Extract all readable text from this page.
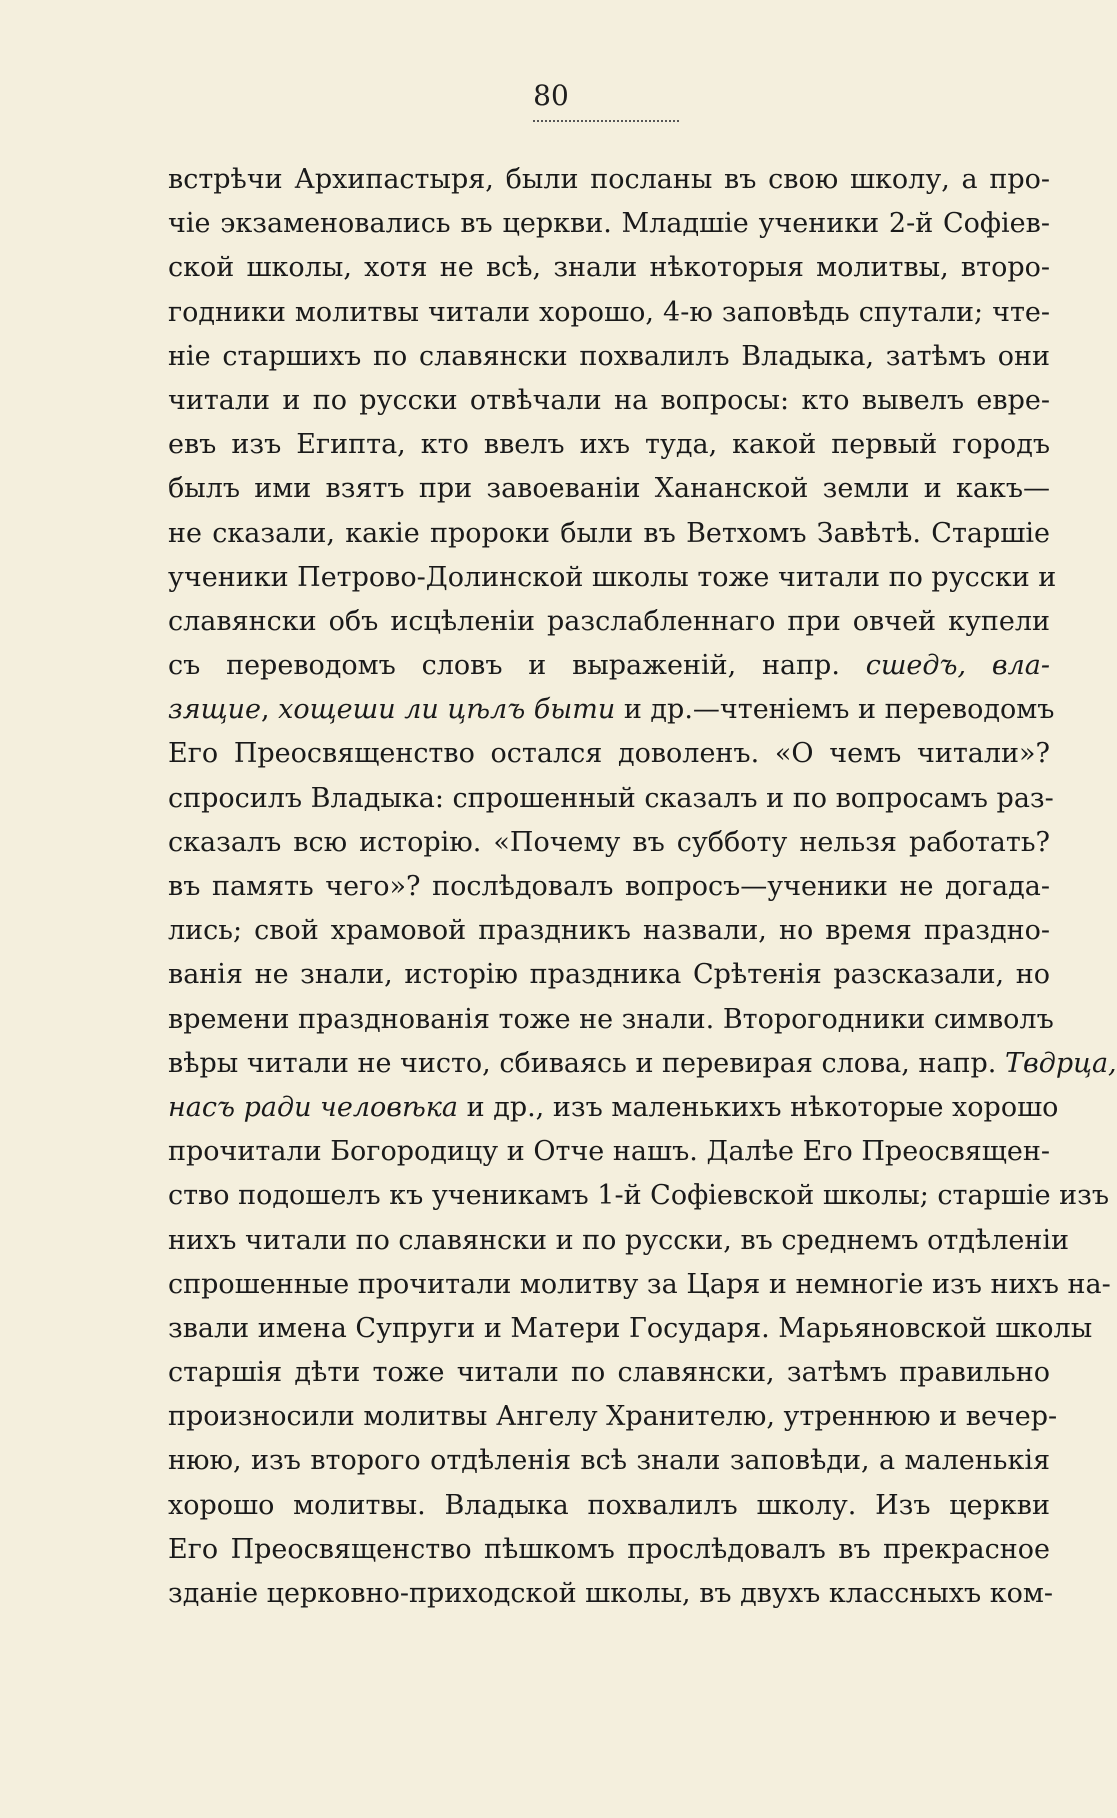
80
встрѣчи Архипастыря, были посланы въ свою школу, а про-
чіе экзаменовались въ церкви. Младшіе ученики 2-й Софіев-
ской школы, хотя не всѣ, знали нѣкоторыя молитвы, второ-
годники молитвы читали хорошо, 4-ю заповѣдь спутали; чте-
ніе старшихъ по славянски похвалилъ Владыка, затѣмъ они
читали и по русски отвѣчали на вопросы: кто вывелъ евре-
евъ изъ Египта, кто ввелъ ихъ туда, какой первый городъ
былъ ими взятъ при завоеваніи Хананской земли и какъ—
не сказали, какіе пророки были въ Ветхомъ Завѣтѣ. Старшіе
ученики Петрово-Долинской школы тоже читали по русски и
славянски объ исцѣленіи разслабленнаго при овчей купели
съ переводомъ словъ и выраженій, напр. сшедъ, вла-
зящие, хощеши ли цѣлъ быти и др.—чтеніемъ и переводомъ
Его Преосвященство остался доволенъ. «О чемъ читали»?
спросилъ Владыка: спрошенный сказалъ и по вопросамъ раз-
сказалъ всю исторію. «Почему въ субботу нельзя работать?
въ память чего»? послѣдовалъ вопросъ—ученики не догада-
лись; свой храмовой праздникъ назвали, но время праздно-
ванія не знали, исторію праздника Срѣтенія разсказали, но
времени празднованія тоже не знали. Второгодники символъ
вѣры читали не чисто, сбиваясь и перевирая слова, напр. Твдрца,
насъ ради человѣка и др., изъ маленькихъ нѣкоторые хорошо
прочитали Богородицу и Отче нашъ. Далѣе Его Преосвящен-
ство подошелъ къ ученикамъ 1-й Софіевской школы; старшіе изъ
нихъ читали по славянски и по русски, въ среднемъ отдѣленіи
спрошенные прочитали молитву за Царя и немногіе изъ нихъ на-
звали имена Супруги и Матери Государя. Марьяновской школы
старшія дѣти тоже читали по славянски, затѣмъ правильно
произносили молитвы Ангелу Хранителю, утреннюю и вечер-
нюю, изъ второго отдѣленія всѣ знали заповѣди, а маленькія
хорошо молитвы. Владыка похвалилъ школу. Изъ церкви
Его Преосвященство пѣшкомъ прослѣдовалъ въ прекрасное
зданіе церковно-приходской школы, въ двухъ классныхъ ком-
